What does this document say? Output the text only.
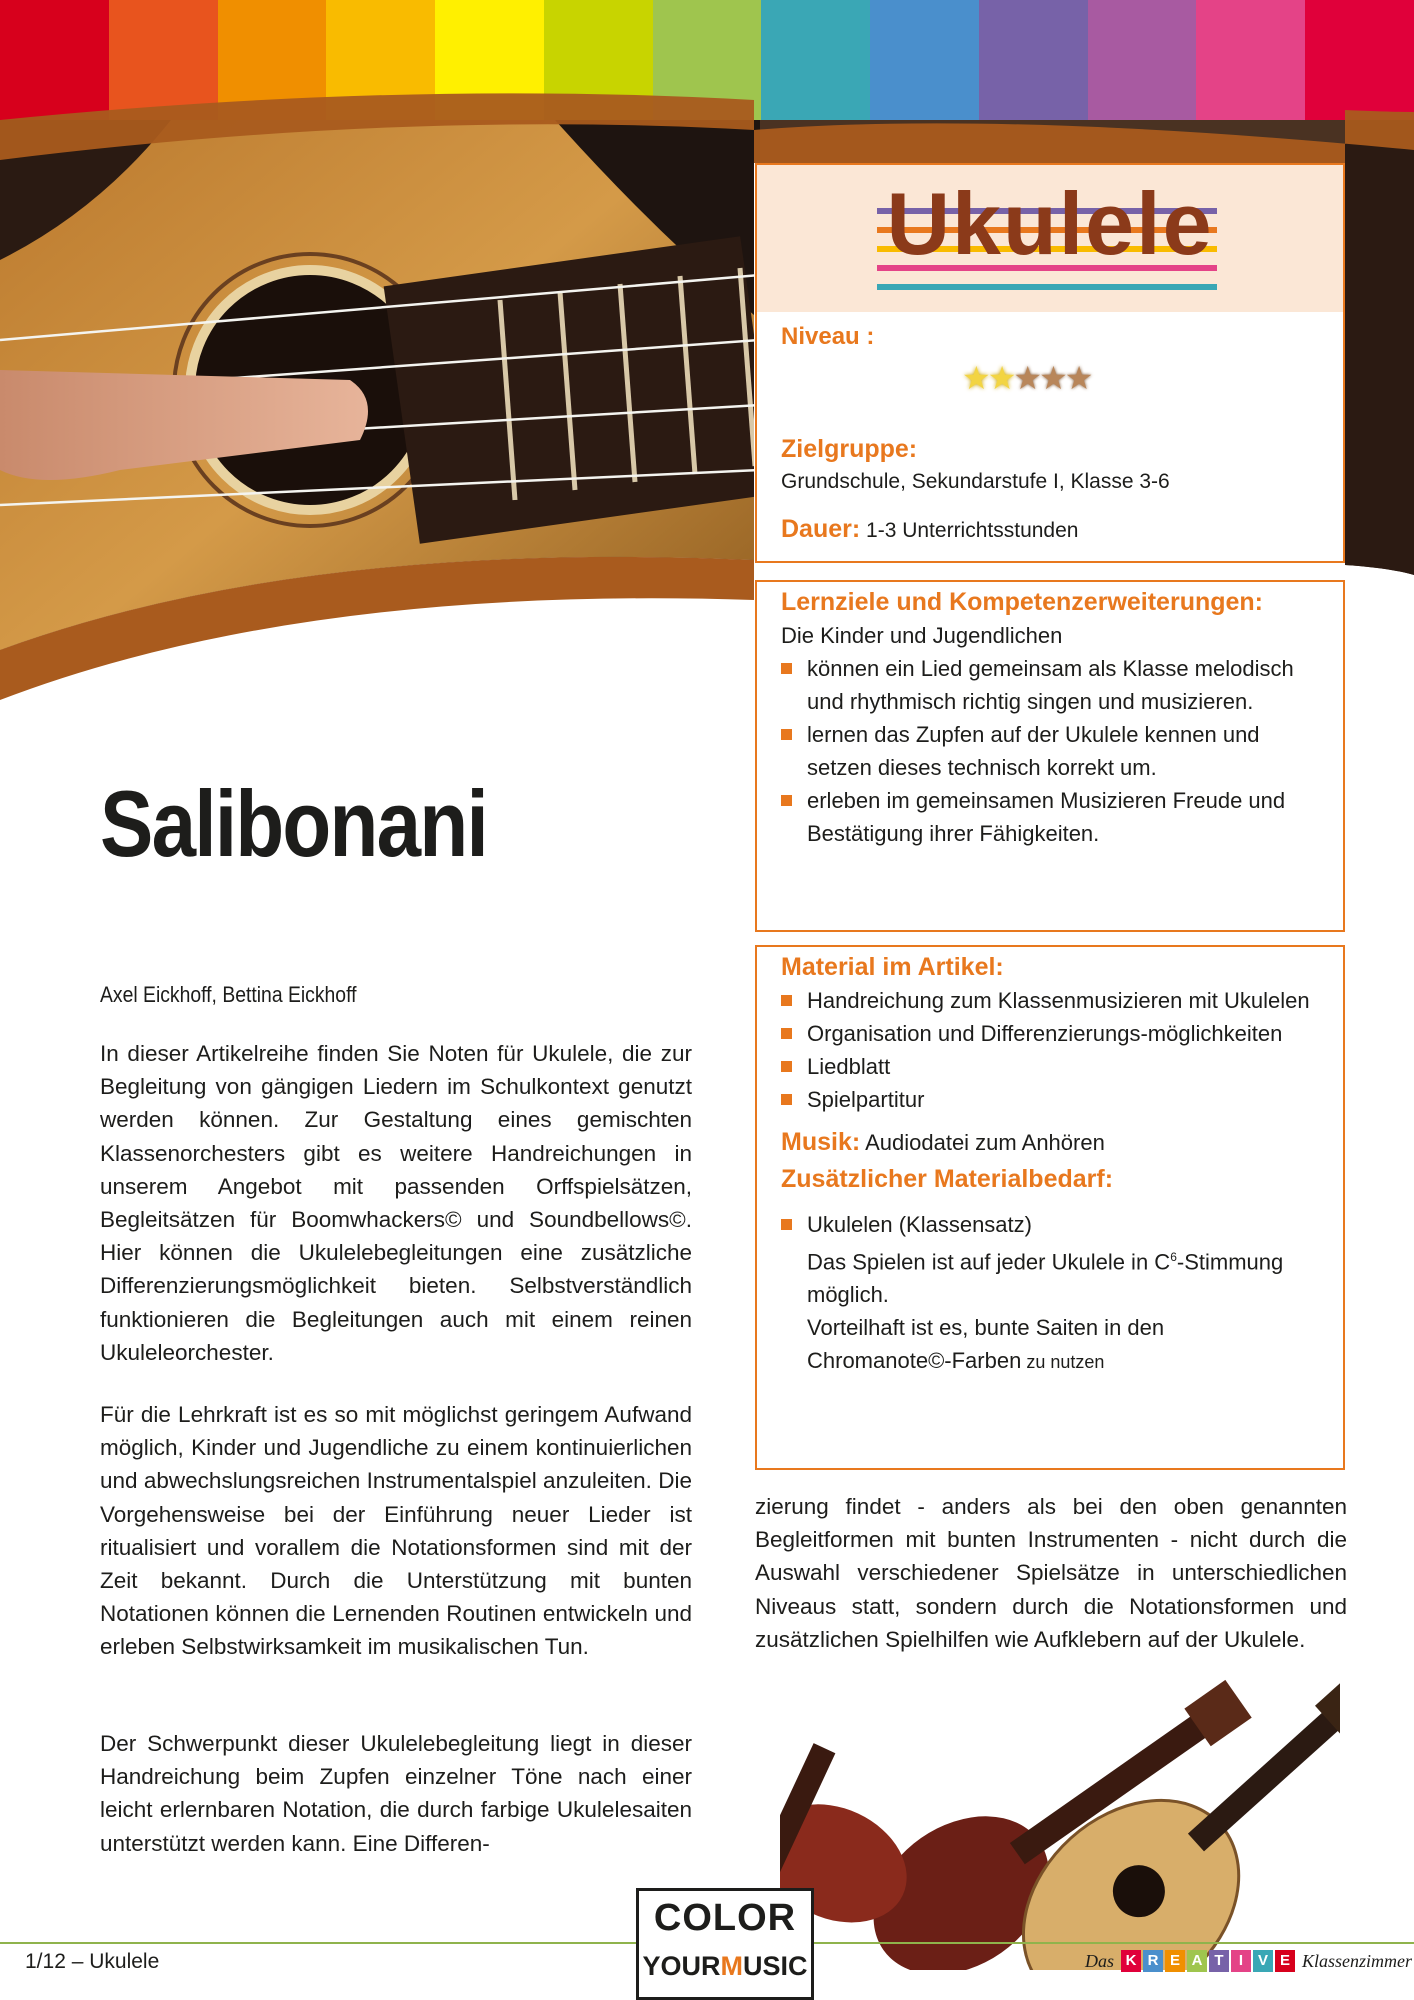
Ukulele
Niveau :
★★★★★
Zielgruppe:
Grundschule, Sekundarstufe I, Klasse 3-6
Dauer: 1-3 Unterrichtsstunden
Lernziele und Kompetenzerweiterungen:
Die Kinder und Jugendlichen
können ein Lied gemeinsam als Klasse melodisch und rhythmisch richtig singen und musizieren.
lernen das Zupfen auf der Ukulele kennen und setzen dieses technisch korrekt um.
erleben im gemeinsamen Musizieren Freude und Bestätigung ihrer Fähigkeiten.
Material im Artikel:
Handreichung zum Klassenmusizieren mit Ukulelen
Organisation und Differenzierungs-möglichkeiten
Liedblatt
Spielpartitur
Musik: Audiodatei zum Anhören
Zusätzlicher Materialbedarf:
Ukulelen (Klassensatz)
Das Spielen ist auf jeder Ukulele in $C^6$-Stimmung möglich.
Vorteilhaft ist es, bunte Saiten in den
Chromanote©-Farben zu nutzen
Salibonani
Axel Eickhoff, Bettina Eickhoff

In dieser Artikelreihe finden Sie Noten für Ukulele, die zur Begleitung von gängigen Liedern im Schulkontext genutzt werden können. Zur Gestaltung eines gemischten Klassenorchesters gibt es weitere Handreichungen in unserem Angebot mit passenden Orffspielsätzen, Begleitsätzen für Boomwhackers© und Soundbellows©. Hier können die Ukulelebegleitungen eine zusätzliche Differenzierungsmöglichkeit bieten. Selbstverständlich funktionieren die Begleitungen auch mit einem reinen Ukuleleorchester.

Für die Lehrkraft ist es so mit möglichst geringem Aufwand möglich, Kinder und Jugendliche zu einem kontinuierlichen und abwechslungsreichen Instrumentalspiel anzuleiten. Die Vorgehensweise bei der Einführung neuer Lieder ist ritualisiert und vorallem die Notationsformen sind mit der Zeit bekannt. Durch die Unterstützung mit bunten Notationen können die Lernenden Routinen entwickeln und erleben Selbstwirksamkeit im musikalischen Tun.

Der Schwerpunkt dieser Ukulelebegleitung liegt in dieser Handreichung beim Zupfen einzelner Töne nach einer leicht erlernbaren Notation, die durch farbige Ukulelesaiten unterstützt werden kann. Eine Differen-

zierung findet - anders als bei den oben genannten Begleitformen mit bunten Instrumenten - nicht durch die Auswahl verschiedener Spielsätze in unterschiedlichen Niveaus statt, sondern durch die Notationsformen und zusätzlichen Spielhilfen wie Aufklebern auf der Ukulele.

1/12 – Ukulele
COLOR
YOURMUSIC	Das K R E A T	I V E Klassenzimmer
